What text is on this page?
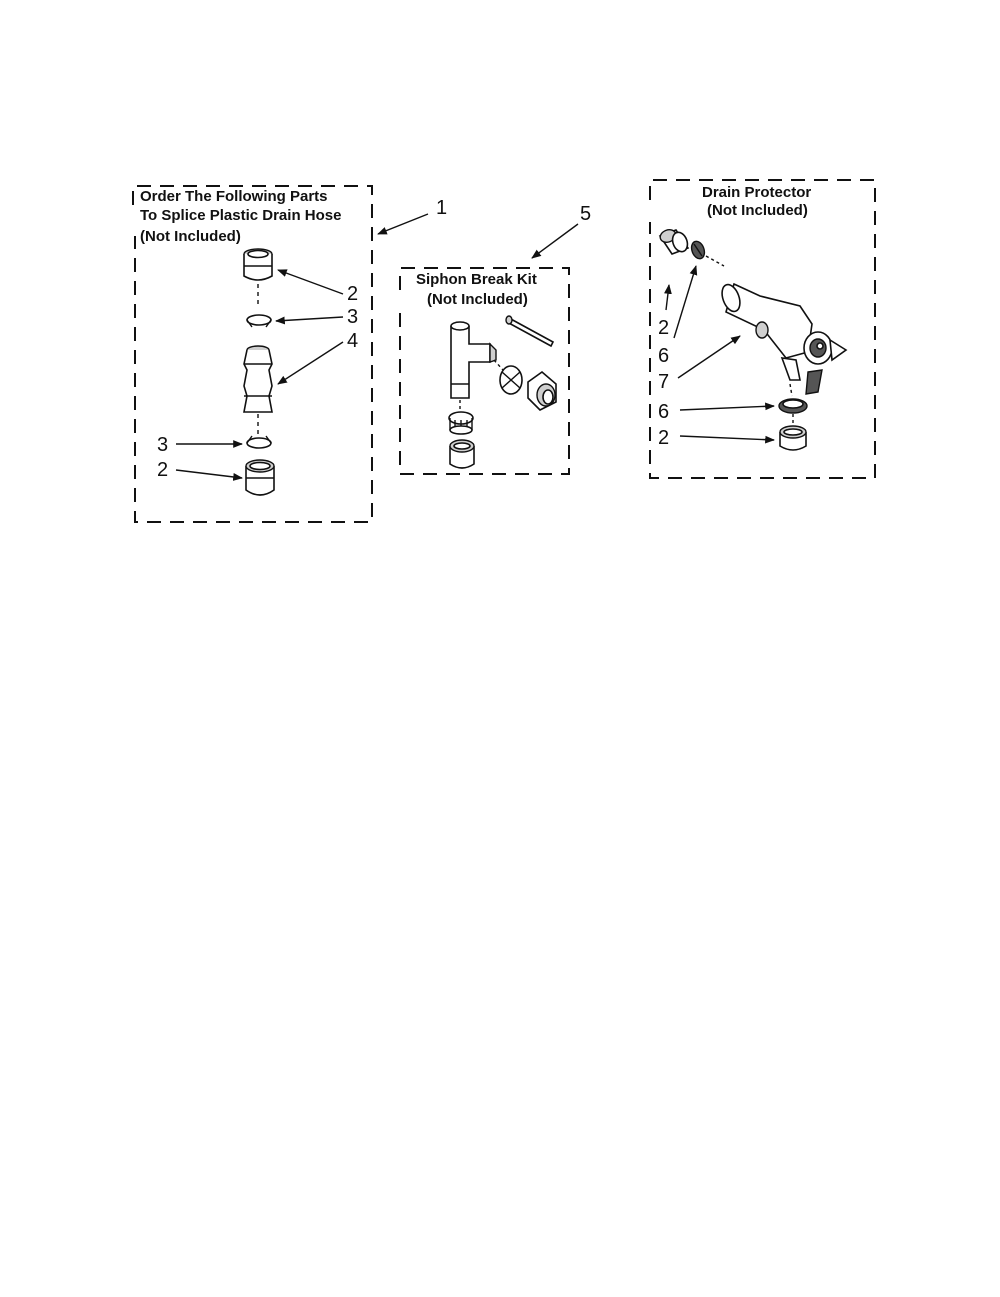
Order The Following Parts
To Splice Plastic Drain Hose
(Not Included)
1
2
3
4
3
2
Siphon Break Kit
(Not Included)
5
Drain Protector
(Not Included)
2
6
7
6
2
